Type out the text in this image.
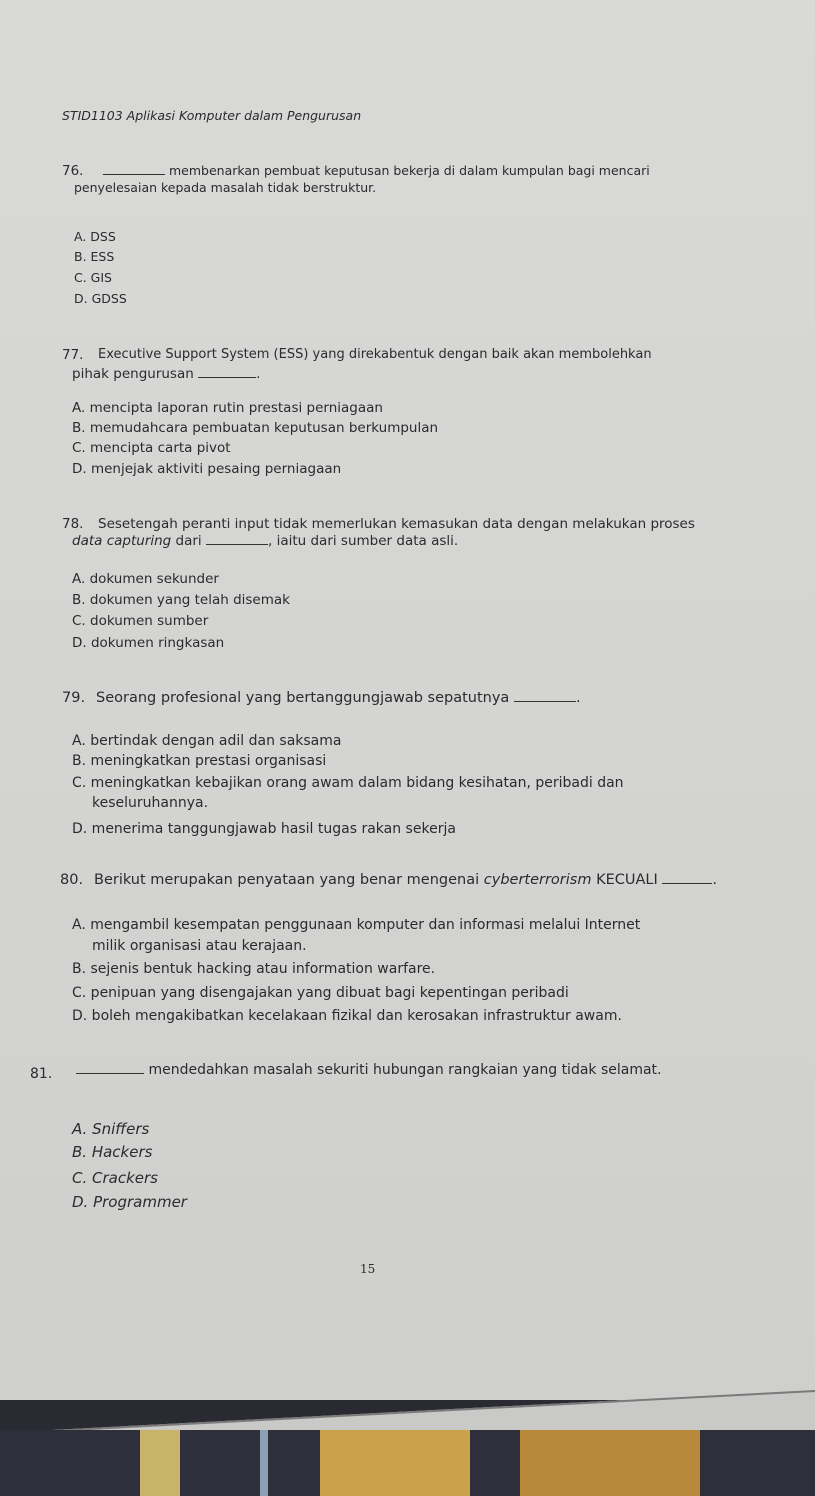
STID1103 Aplikasi Komputer dalam Pengurusan
76.	membenarkan pembuat keputusan bekerja di dalam kumpulan bagi mencari
penyelesaian kepada masalah tidak berstruktur.
A. DSS
B. ESS
C. GIS
D. GDSS
77. Executive Support System (ESS) yang direkabentuk dengan baik akan membolehkan
pihak pengurusan	.
A. mencipta laporan rutin prestasi perniagaan
B. memudahcara pembuatan keputusan berkumpulan
C. mencipta carta pivot
D. menjejak aktiviti pesaing perniagaan
78. Sesetengah peranti input tidak memerlukan kemasukan data dengan melakukan proses
data capturing dari	, iaitu dari sumber data asli.
A. dokumen sekunder
B. dokumen yang telah disemak
C. dokumen sumber
D. dokumen ringkasan
79. Seorang profesional yang bertanggungjawab sepatutnya	.
A. bertindak dengan adil dan saksama
B. meningkatkan prestasi organisasi
C. meningkatkan kebajikan orang awam dalam bidang kesihatan, peribadi dan
keseluruhannya.
D. menerima tanggungjawab hasil tugas rakan sekerja
80. Berikut merupakan penyataan yang benar mengenai cyberterrorism KECUALI	.
A. mengambil kesempatan penggunaan komputer dan informasi melalui Internet
milik organisasi atau kerajaan.
B. sejenis bentuk hacking atau information warfare.
C. penipuan yang disengajakan yang dibuat bagi kepentingan peribadi
D. boleh mengakibatkan kecelakaan fizikal dan kerosakan infrastruktur awam.
81.	mendedahkan masalah sekuriti hubungan rangkaian yang tidak selamat.
A. Sniffers
B. Hackers
C. Crackers
D. Programmer
15
